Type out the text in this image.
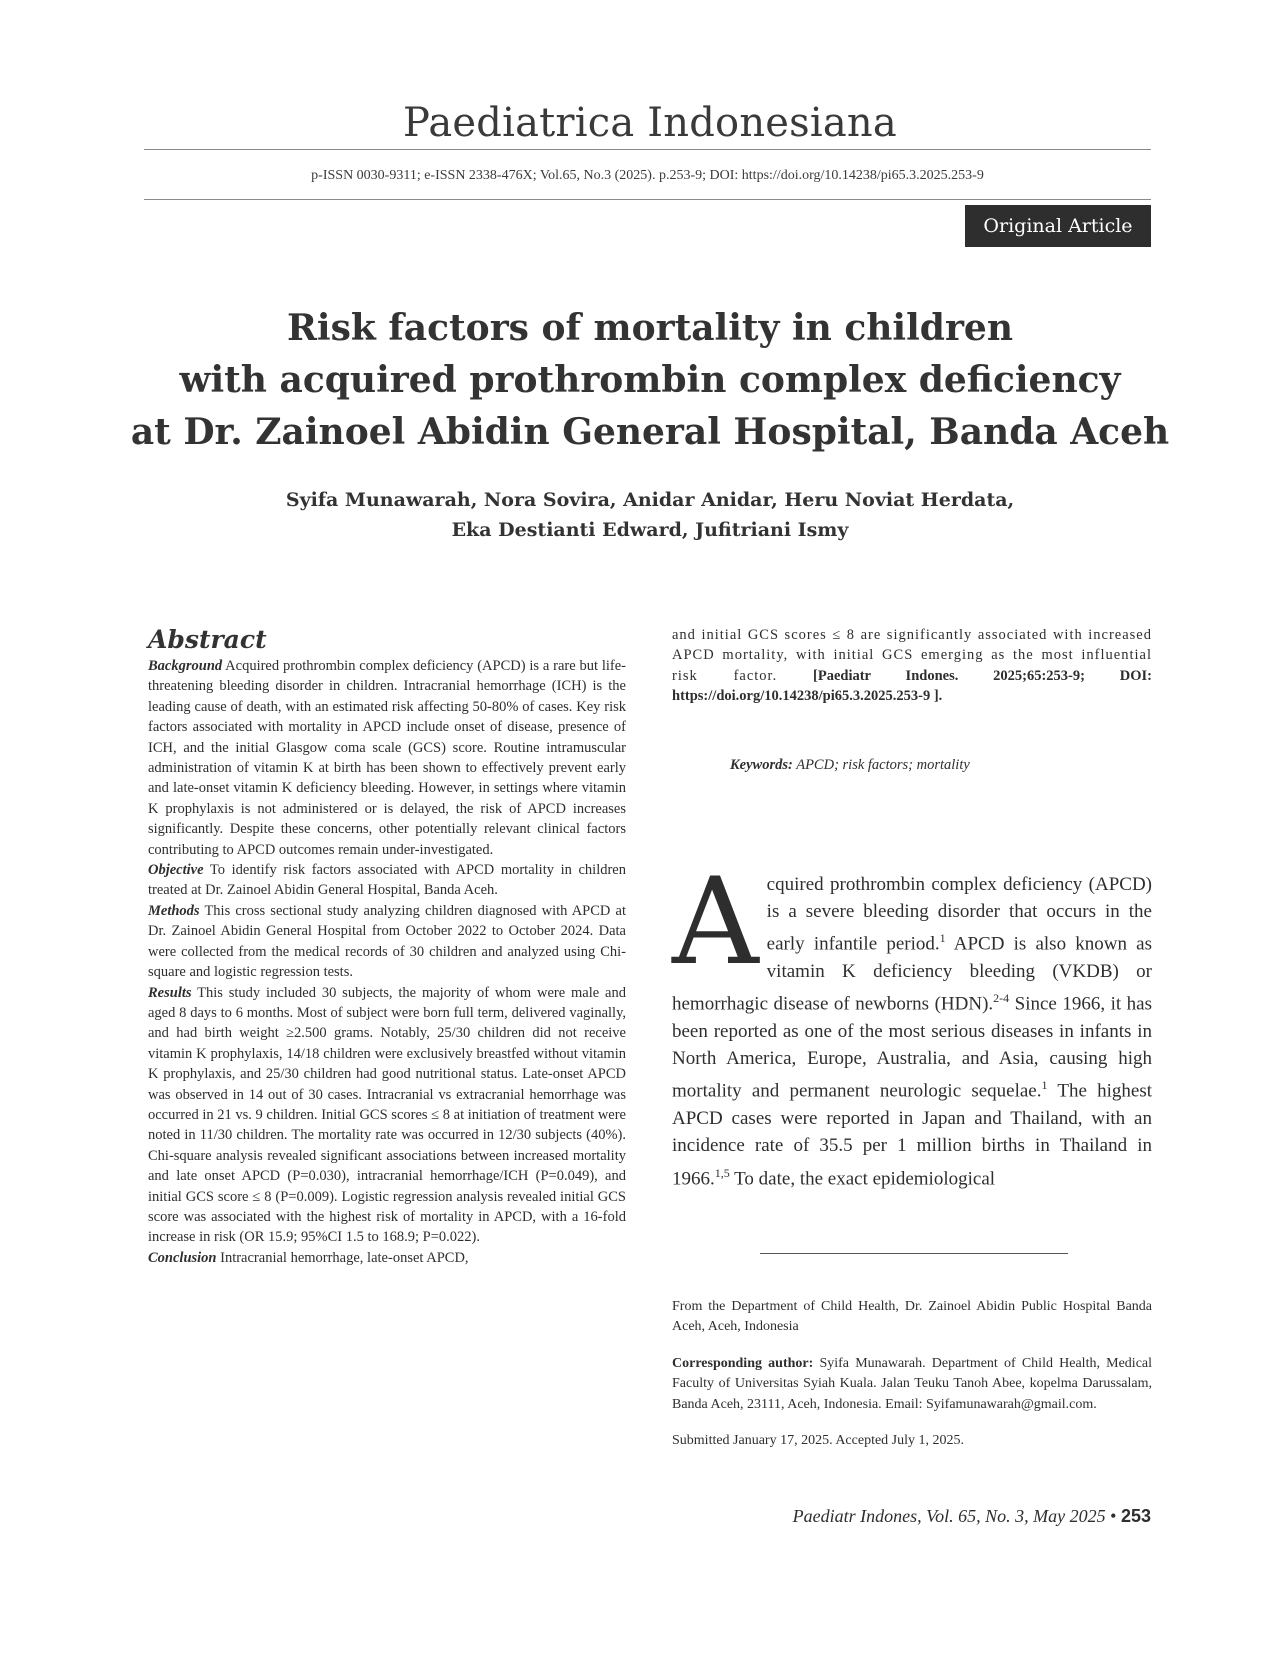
Paediatrica Indonesiana
p-ISSN 0030-9311; e-ISSN 2338-476X; Vol.65, No.3 (2025). p.253-9; DOI: https://doi.org/10.14238/pi65.3.2025.253-9
Original Article
Risk factors of mortality in children
with acquired prothrombin complex deficiency
at Dr. Zainoel Abidin General Hospital, Banda Aceh
Syifa Munawarah, Nora Sovira, Anidar Anidar, Heru Noviat Herdata,
Eka Destianti Edward, Jufitriani Ismy
Abstract

Background Acquired prothrombin complex deficiency (APCD) is a rare but life-threatening bleeding disorder in children. Intracranial hemorrhage (ICH) is the leading cause of death, with an estimated risk affecting 50-80% of cases. Key risk factors associated with mortality in APCD include onset of disease, presence of ICH, and the initial Glasgow coma scale (GCS) score. Routine intramuscular administration of vitamin K at birth has been shown to effectively prevent early and late-onset vitamin K deficiency bleeding. However, in settings where vitamin K prophylaxis is not administered or is delayed, the risk of APCD increases significantly. Despite these concerns, other potentially relevant clinical factors contributing to APCD outcomes remain under-investigated.

Objective To identify risk factors associated with APCD mortality in children treated at Dr. Zainoel Abidin General Hospital, Banda Aceh.

Methods This cross sectional study analyzing children diagnosed with APCD at Dr. Zainoel Abidin General Hospital from October 2022 to October 2024. Data were collected from the medical records of 30 children and analyzed using Chi-square and logistic regression tests.

Results This study included 30 subjects, the majority of whom were male and aged 8 days to 6 months. Most of subject were born full term, delivered vaginally, and had birth weight ≥2.500 grams. Notably, 25/30 children did not receive vitamin K prophylaxis, 14/18 children were exclusively breastfed without vitamin K prophylaxis, and 25/30 children had good nutritional status. Late-onset APCD was observed in 14 out of 30 cases. Intracranial vs extracranial hemorrhage was occurred in 21 vs. 9 children. Initial GCS scores ≤ 8 at initiation of treatment were noted in 11/30 children. The mortality rate was occurred in 12/30 subjects (40%). Chi-square analysis revealed significant associations between increased mortality and late onset APCD (P=0.030), intracranial hemorrhage/ICH (P=0.049), and initial GCS score ≤ 8 (P=0.009). Logistic regression analysis revealed initial GCS score was associated with the highest risk of mortality in APCD, with a 16-fold increase in risk (OR 15.9; 95%CI 1.5 to 168.9; P=0.022).

Conclusion Intracranial hemorrhage, late-onset APCD,

and initial GCS scores ≤ 8 are significantly associated with increased APCD mortality, with initial GCS emerging as the most influential risk factor. [Paediatr Indones. 2025;65:253-9; DOI: https://doi.org/10.14238/pi65.3.2025.253-9 ].

Keywords: APCD; risk factors; mortality
Acquired prothrombin complex deficiency (APCD) is a severe bleeding disorder that occurs in the early infantile period.$^1$ APCD is also known as vitamin K deficiency bleeding (VKDB) or hemorrhagic disease of newborns (HDN).$^{2-4}$ Since 1966, it has been reported as one of the most serious diseases in infants in North America, Europe, Australia, and Asia, causing high mortality and permanent neurologic sequelae.$^1$ The highest APCD cases were reported in Japan and Thailand, with an incidence rate of 35.5 per 1 million births in Thailand in 1966.$^{1,5}$ To date, the exact epidemiological

From the Department of Child Health, Dr. Zainoel Abidin Public Hospital Banda Aceh, Aceh, Indonesia

Corresponding author: Syifa Munawarah. Department of Child Health, Medical Faculty of Universitas Syiah Kuala. Jalan Teuku Tanoh Abee, kopelma Darussalam, Banda Aceh, 23111, Aceh, Indonesia. Email: Syifamunawarah@gmail.com.

Submitted January 17, 2025. Accepted July 1, 2025.

Paediatr Indones, Vol. 65, No. 3, May 2025 • 253
